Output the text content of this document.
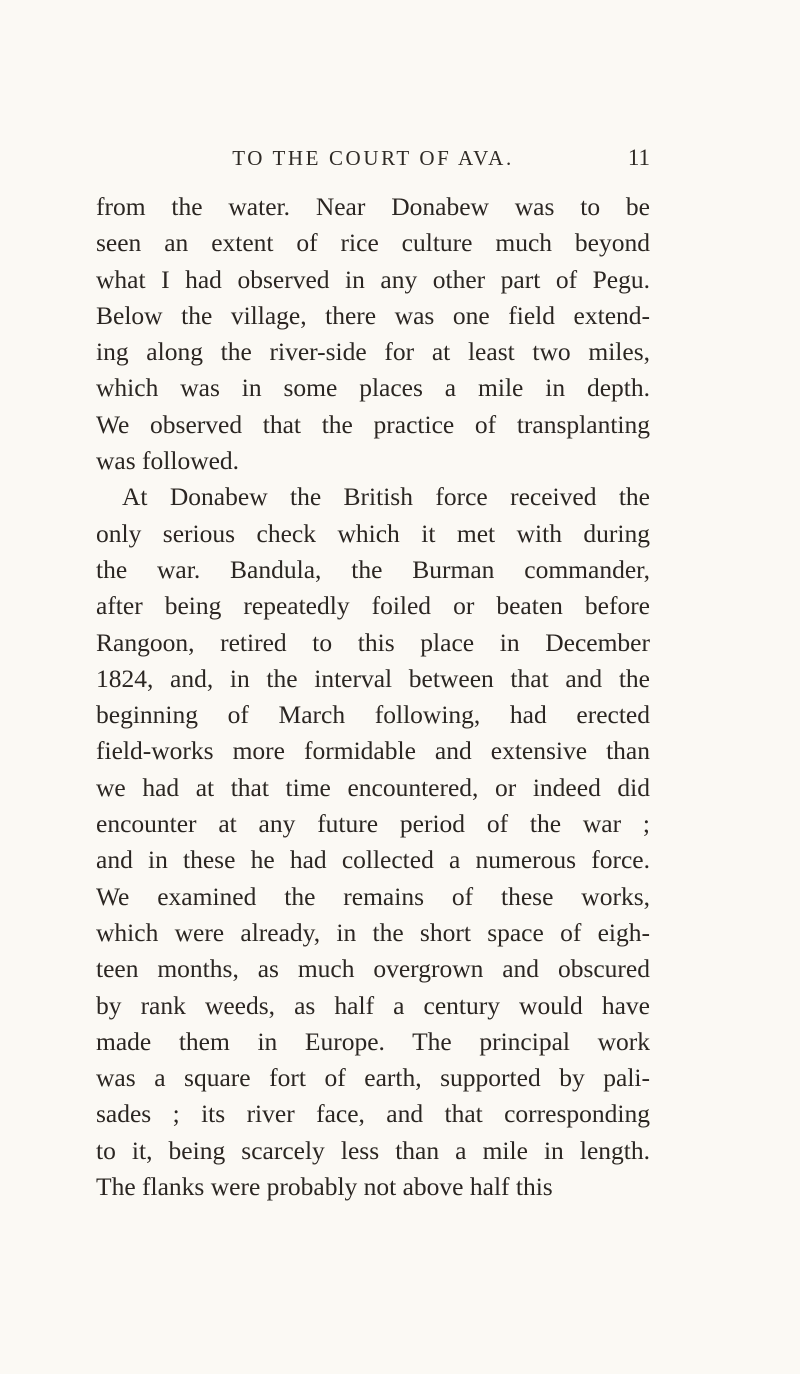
TO THE COURT OF AVA.	11
from the water. Near Donabew was to be
seen an extent of rice culture much beyond
what I had observed in any other part of Pegu.
Below the village, there was one field extend-
ing along the river-side for at least two miles,
which was in some places a mile in depth.
We observed that the practice of transplanting
was followed.
At Donabew the British force received the
only serious check which it met with during
the war. Bandula, the Burman commander,
after being repeatedly foiled or beaten before
Rangoon, retired to this place in December
1824, and, in the interval between that and the
beginning of March following, had erected
field-works more formidable and extensive than
we had at that time encountered, or indeed did
encounter at any future period of the war ;
and in these he had collected a numerous force.
We examined the remains of these works,
which were already, in the short space of eigh-
teen months, as much overgrown and obscured
by rank weeds, as half a century would have
made them in Europe. The principal work
was a square fort of earth, supported by pali-
sades ; its river face, and that corresponding
to it, being scarcely less than a mile in length.
The flanks were probably not above half this
